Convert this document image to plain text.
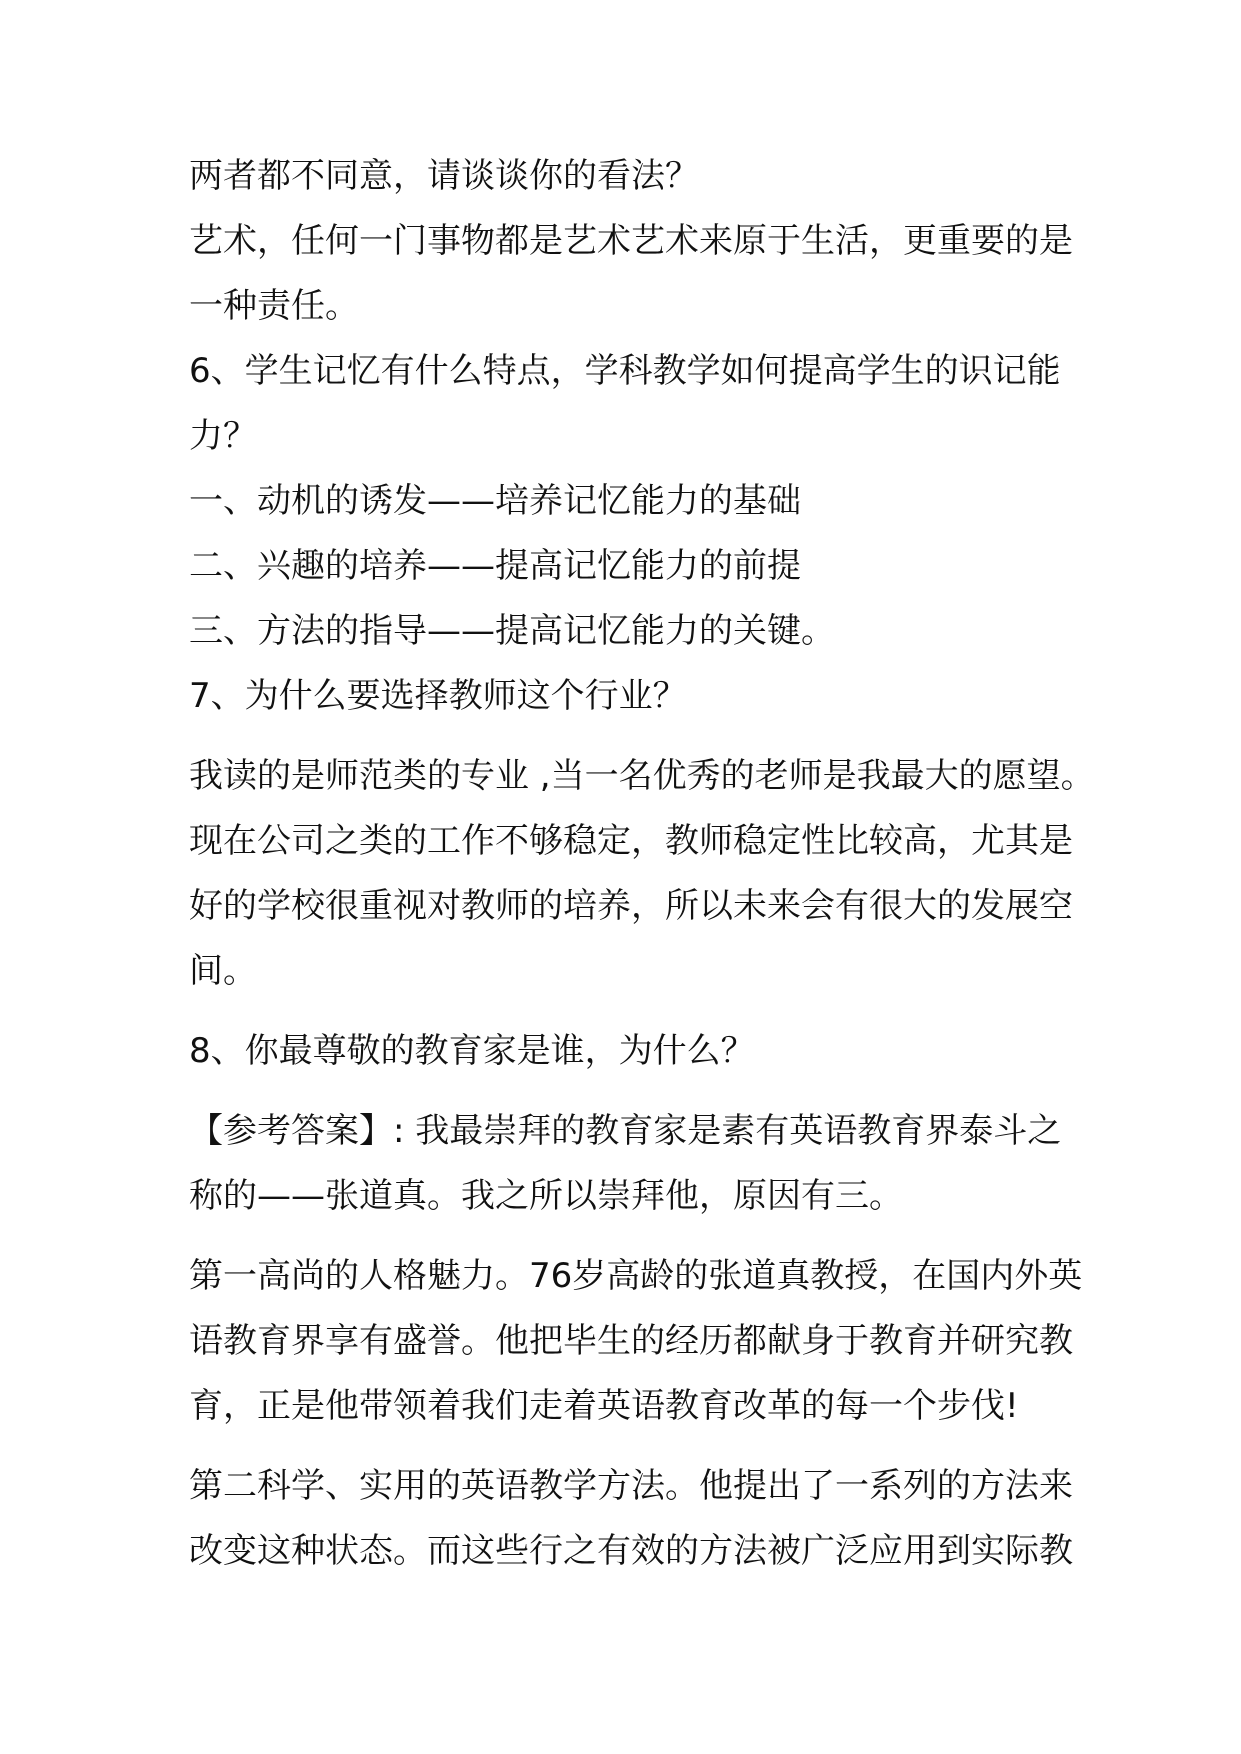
两者都不同意，请谈谈你的看法？
艺术，任何一门事物都是艺术艺术来原于生活，更重要的是
一种责任。
6、学生记忆有什么特点，学科教学如何提高学生的识记能
力？
一、动机的诱发——培养记忆能力的基础
二、兴趣的培养——提高记忆能力的前提
三、方法的指导——提高记忆能力的关键。
7、为什么要选择教师这个行业？
我读的是师范类的专业 ,当一名优秀的老师是我最大的愿望。
现在公司之类的工作不够稳定，教师稳定性比较高，尤其是
好的学校很重视对教师的培养，所以未来会有很大的发展空
间。
8、你最尊敬的教育家是谁，为什么？
【参考答案】: 我最崇拜的教育家是素有英语教育界泰斗之
称的——张道真。我之所以崇拜他，原因有三。
第一高尚的人格魅力。76岁高龄的张道真教授，在国内外英
语教育界享有盛誉。他把毕生的经历都献身于教育并研究教
育，正是他带领着我们走着英语教育改革的每一个步伐!
第二科学、实用的英语教学方法。他提出了一系列的方法来
改变这种状态。而这些行之有效的方法被广泛应用到实际教
